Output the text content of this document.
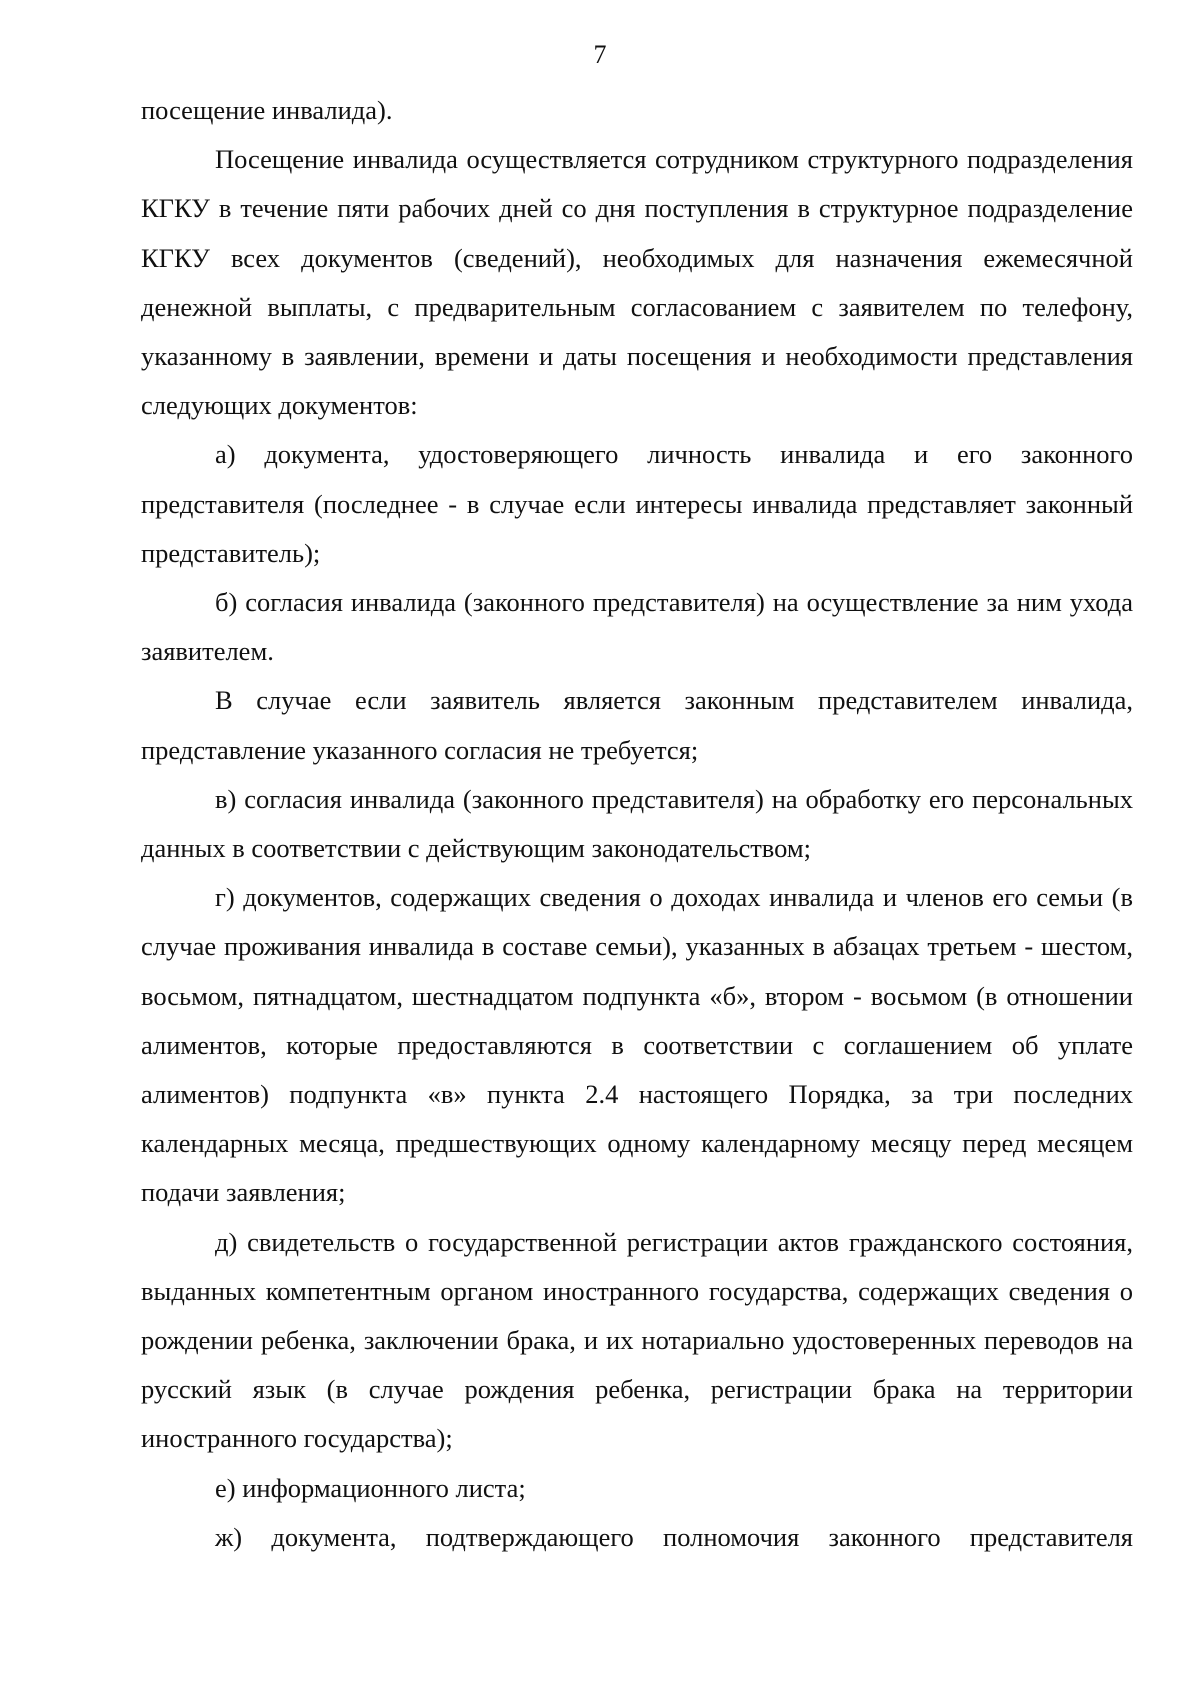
7

посещение инвалида).

Посещение инвалида осуществляется сотрудником структурного подразделения КГКУ в течение пяти рабочих дней со дня поступления в структурное подразделение КГКУ всех документов (сведений), необходимых для назначения ежемесячной денежной выплаты, с предварительным согласованием с заявителем по телефону, указанному в заявлении, времени и даты посещения и необходимости представления следующих документов:

а) документа, удостоверяющего личность инвалида и его законного представителя (последнее - в случае если интересы инвалида представляет законный представитель);

б) согласия инвалида (законного представителя) на осуществление за ним ухода заявителем.

В случае если заявитель является законным представителем инвалида, представление указанного согласия не требуется;

в) согласия инвалида (законного представителя) на обработку его персональных данных в соответствии с действующим законодательством;

г) документов, содержащих сведения о доходах инвалида и членов его семьи (в случае проживания инвалида в составе семьи), указанных в абзацах третьем - шестом, восьмом, пятнадцатом, шестнадцатом подпункта «б», втором - восьмом (в отношении алиментов, которые предоставляются в соответствии с соглашением об уплате алиментов) подпункта «в» пункта 2.4 настоящего Порядка, за три последних календарных месяца, предшествующих одному календарному месяцу перед месяцем подачи заявления;

д) свидетельств о государственной регистрации актов гражданского состояния, выданных компетентным органом иностранного государства, содержащих сведения о рождении ребенка, заключении брака, и их нотариально удостоверенных переводов на русский язык (в случае рождения ребенка, регистрации брака на территории иностранного государства);

е) информационного листа;

ж) документа, подтверждающего полномочия законного представителя
